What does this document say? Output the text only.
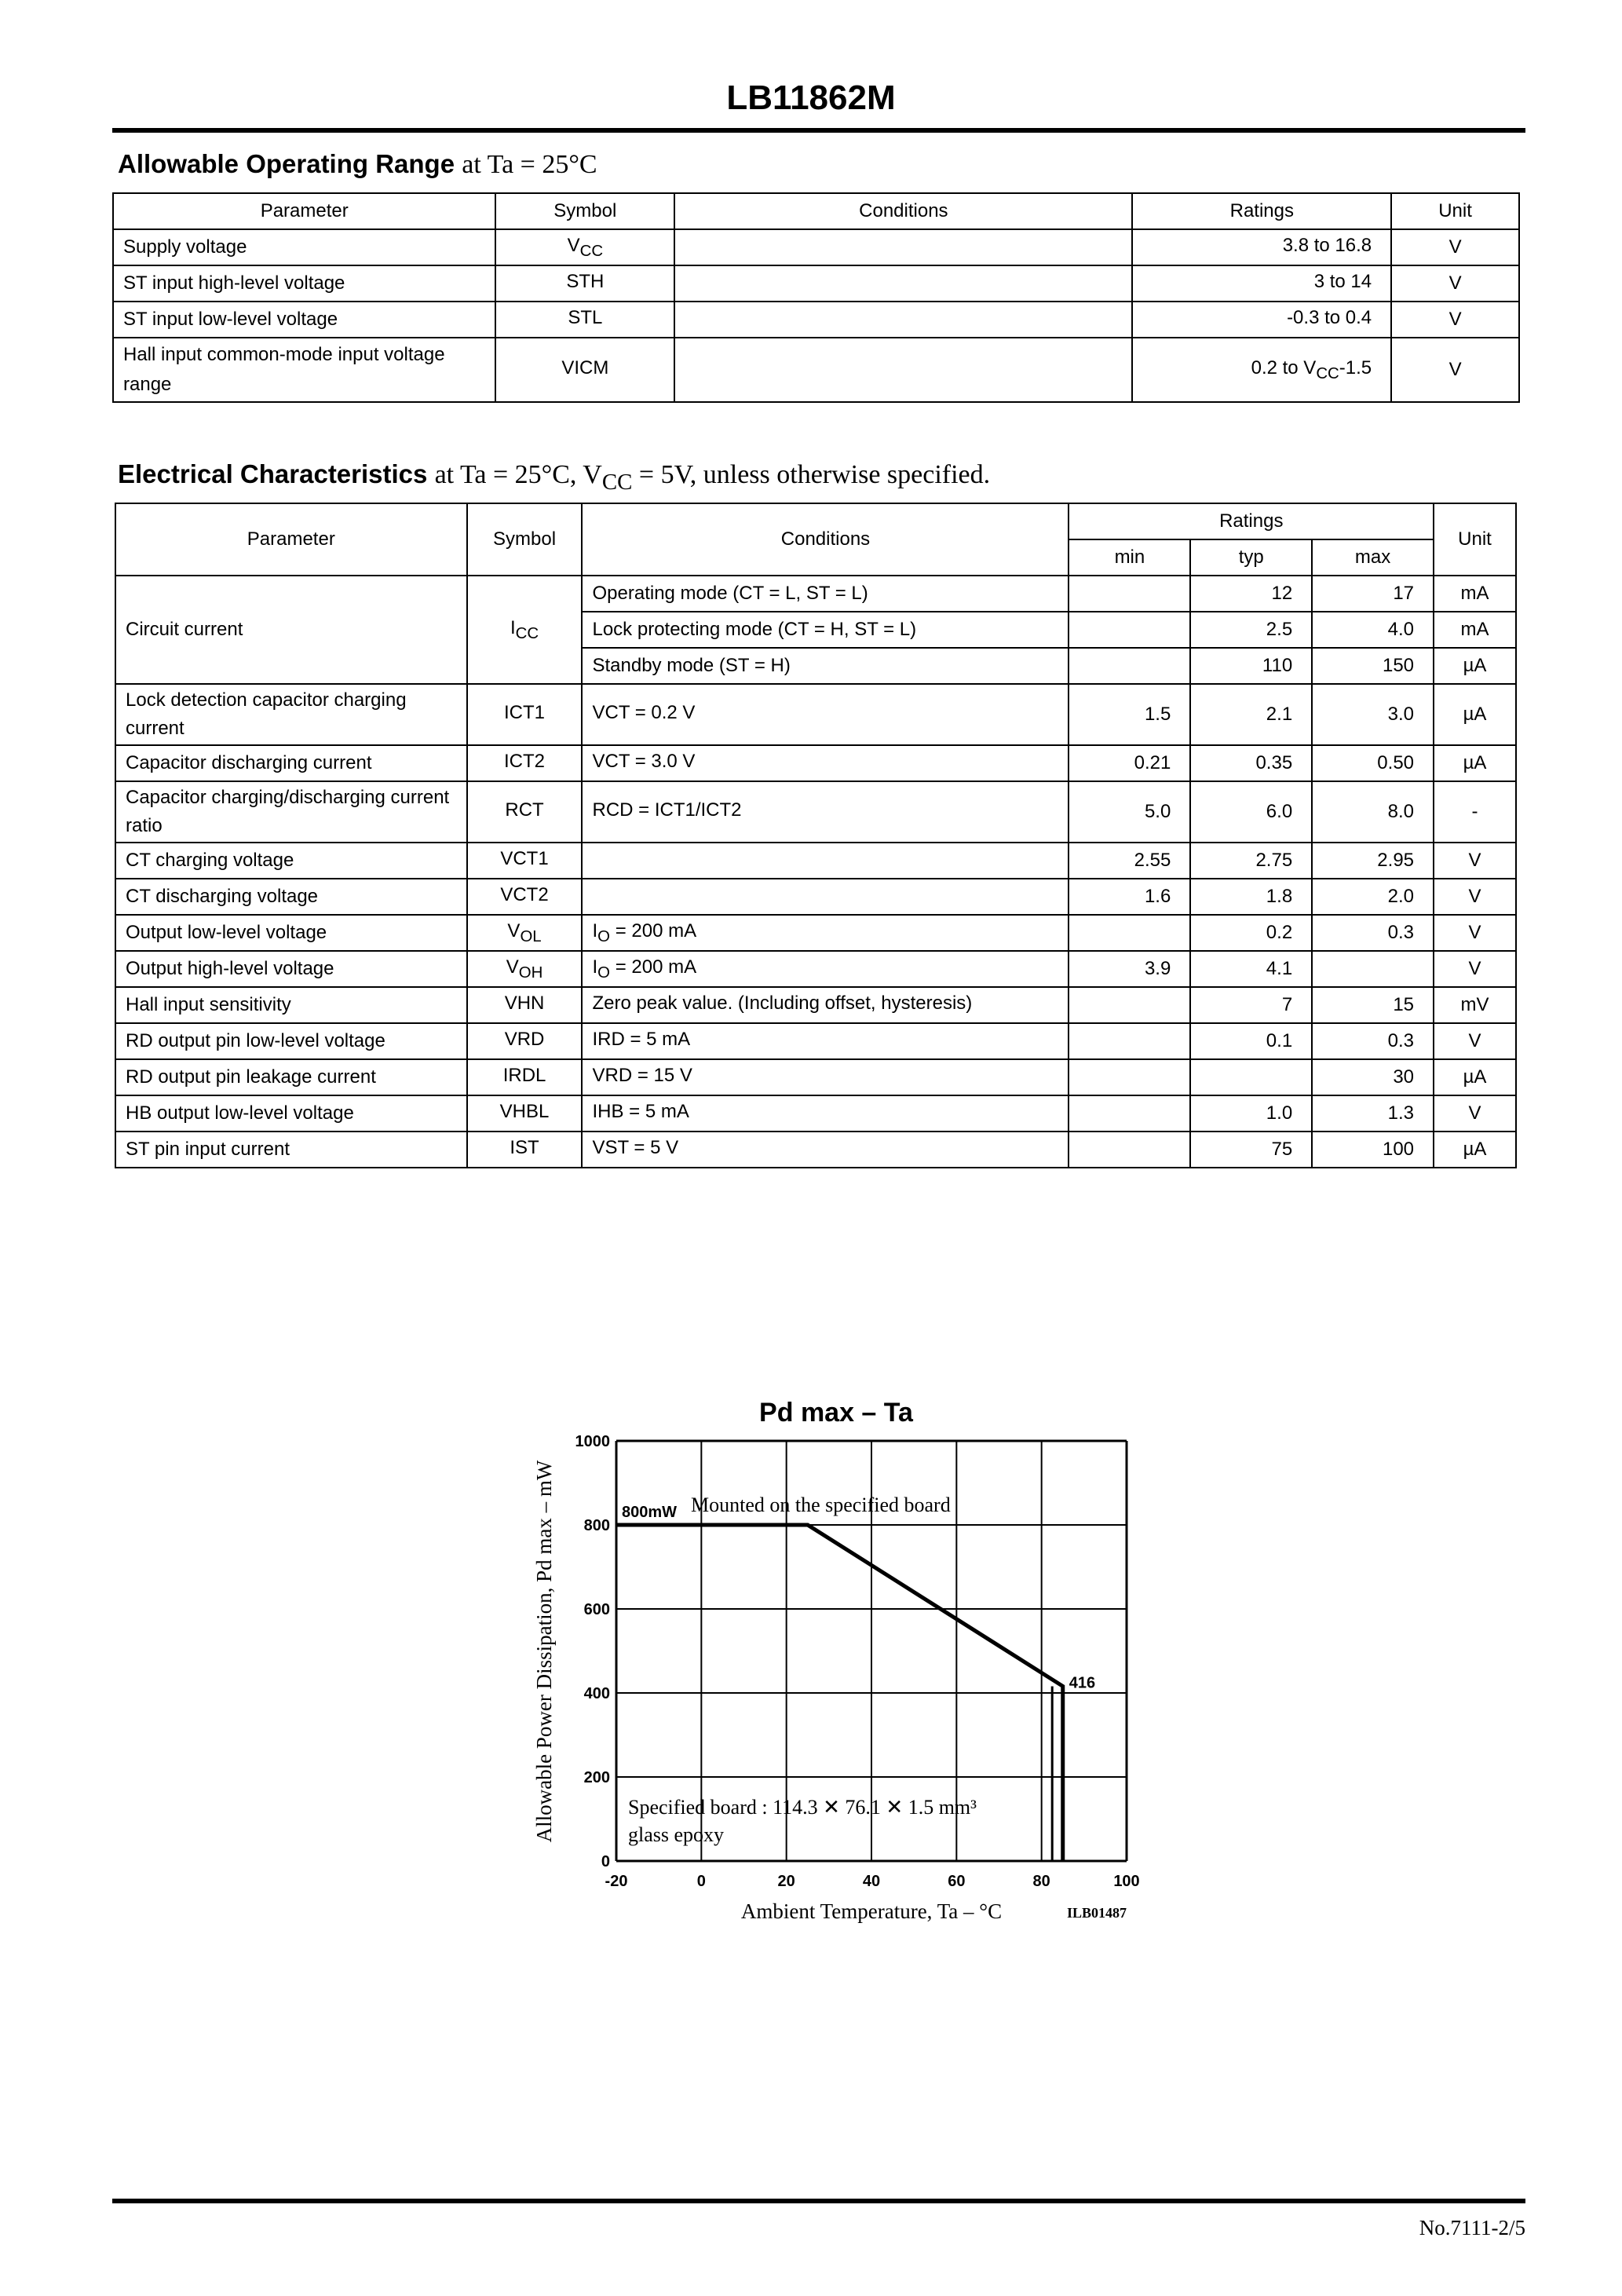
LB11862M
Allowable Operating Range at Ta = 25°C
Parameter	Symbol	Conditions	Ratings	Unit
Supply voltage	$V_{CC}$		3.8 to 16.8	V
ST input high-level voltage	STH		3 to 14	V
ST input low-level voltage	STL		-0.3 to 0.4	V
Hall input common-mode input voltage range	VICM		0.2 to $V_{CC}-1.5$	V
Electrical Characteristics at Ta = 25°C, $V_{CC} = 5V$, unless otherwise specified.
Parameter	Symbol	Conditions	Ratings			Unit
			min	typ	max	
Circuit current	$I_{CC}$	Operating mode (CT = L, ST = L)		12	17	mA
		Lock protecting mode (CT = H, ST = L)		2.5	4.0	mA
		Standby mode (ST = H)		110	150	µA
Lock detection capacitor charging current	ICT1	VCT = 0.2 V	1.5	2.1	3.0	µA
Capacitor discharging current	ICT2	VCT = 3.0 V	0.21	0.35	0.50	µA
Capacitor charging/discharging current ratio	RCT	RCD = ICT1/ICT2	5.0	6.0	8.0	-
CT charging voltage	VCT1		2.55	2.75	2.95	V
CT discharging voltage	VCT2		1.6	1.8	2.0	V
Output low-level voltage	$V_{OL}$	$I_O = 200$ mA		0.2	0.3	V
Output high-level voltage	$V_{OH}$	$I_O = 200$ mA	3.9	4.1		V
Hall input sensitivity	VHN	Zero peak value. (Including offset, hysteresis)		7	15	mV
RD output pin low-level voltage	VRD	IRD = 5 mA		0.1	0.3	V
RD output pin leakage current	IRDL	VRD = 15 V			30	µA
HB output low-level voltage	VHBL	IHB = 5 mA		1.0	1.3	V
ST pin input current	IST	VST = 5 V		75	100	µA
-20	0	20	40	60	80	100
0
200
400
600
800
1000
Pd max – Ta
800mW Mounted on the specified board
416
Specified board : 114.3 ✕ 76.1 ✕ 1.5 mm³
glass epoxy
Ambient Temperature, Ta – °C	ILB01487
Allowable Power Dissipation, Pd max – mW
No.7111-2/5
